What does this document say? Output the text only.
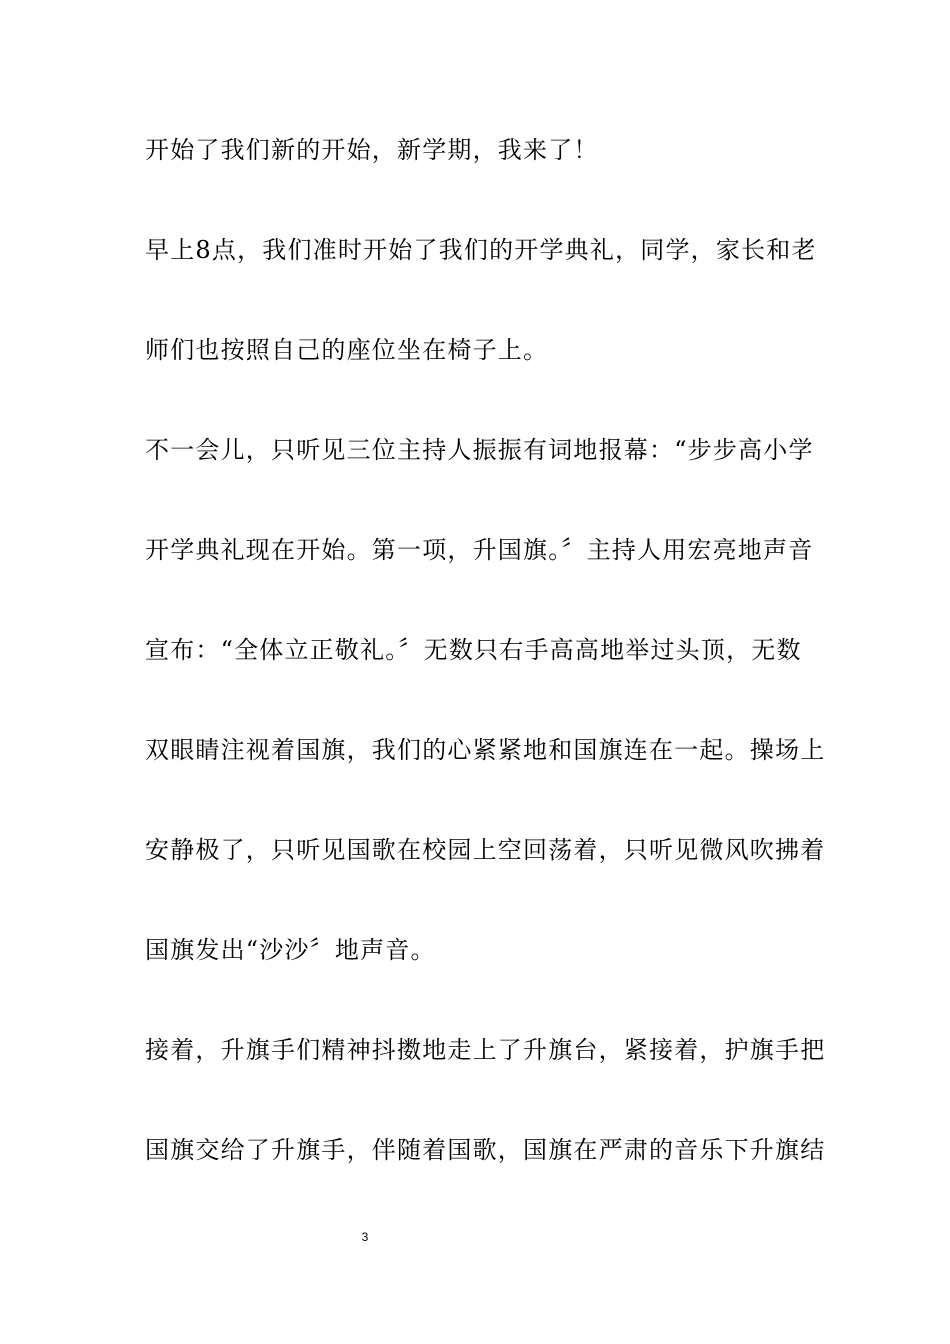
开始了我们新的开始，新学期，我来了！
早上8点，我们准时开始了我们的开学典礼，同学，家长和老
师们也按照自己的座位坐在椅子上。
不一会儿，只听见三位主持人振振有词地报幕：“步步高小学
开学典礼现在开始。第一项，升国旗。〞主持人用宏亮地声音
宣布：“全体立正敬礼。〞无数只右手高高地举过头顶，无数
双眼睛注视着国旗，我们的心紧紧地和国旗连在一起。操场上
安静极了，只听见国歌在校园上空回荡着，只听见微风吹拂着
国旗发出“沙沙〞地声音。
接着，升旗手们精神抖擞地走上了升旗台，紧接着，护旗手把
国旗交给了升旗手，伴随着国歌，国旗在严肃的音乐下升旗结
3
